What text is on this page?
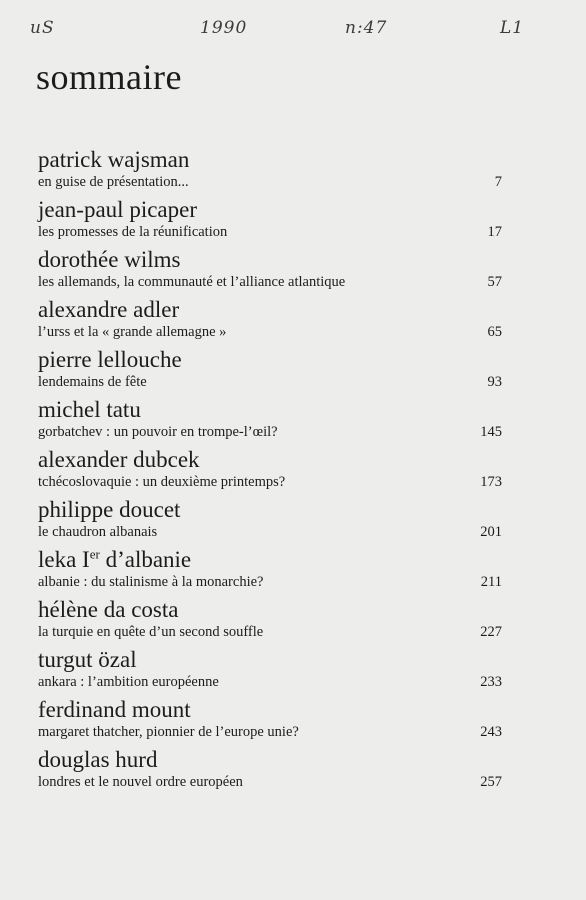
uS	1990	n:47	L1
sommaire
patrick wajsman
en guise de présentation...	7
jean-paul picaper
les promesses de la réunification	17
dorothée wilms
les allemands, la communauté et l’alliance atlantique	57
alexandre adler
l’urss et la « grande allemagne »	65
pierre lellouche
lendemains de fête	93
michel tatu
gorbatchev : un pouvoir en trompe-l’œil?	145
alexander dubcek
tchécoslovaquie : un deuxième printemps?	173
philippe doucet
le chaudron albanais	201
leka Ier d’albanie
albanie : du stalinisme à la monarchie?	211
hélène da costa
la turquie en quête d’un second souffle	227
turgut özal
ankara : l’ambition européenne	233
ferdinand mount
margaret thatcher, pionnier de l’europe unie?	243
douglas hurd
londres et le nouvel ordre européen	257
